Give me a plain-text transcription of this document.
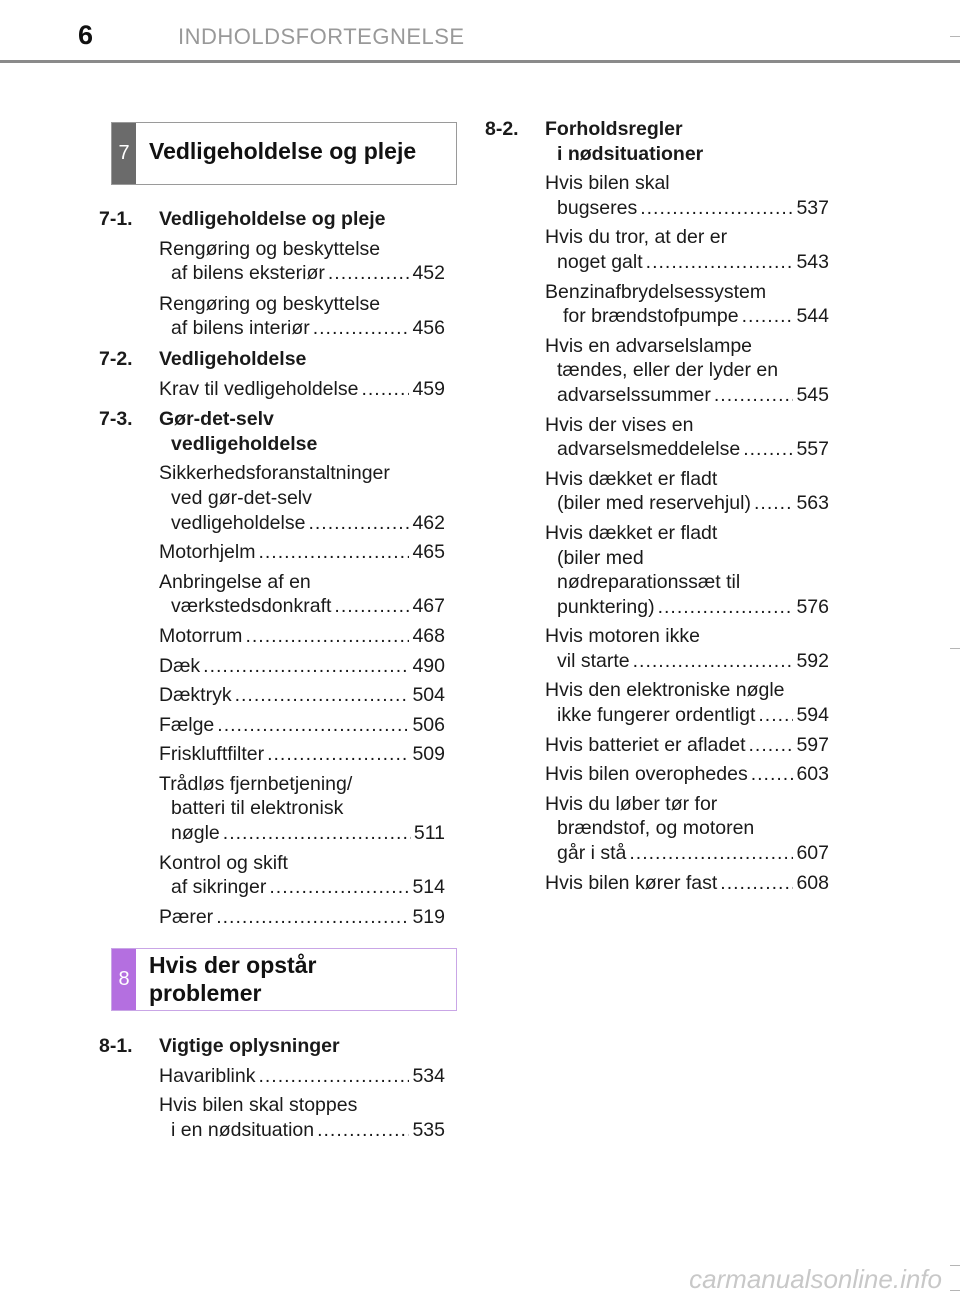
6	INDHOLDSFORTEGNELSE
7 Vedligeholdelse og pleje
8
Hvis der opstår problemer
7-1.	Vedligeholdelse og pleje
Rengøring og beskyttelse
af bilens eksteriør .....	452
Rengøring og beskyttelse
af bilens interiør .....	456
7-2.	Vedligeholdelse
Krav til vedligeholdelse .....	459
7-3.	Gør-det-selv
vedligeholdelse
Sikkerhedsforanstaltninger
ved gør-det-selv
vedligeholdelse .....	462
Motorhjelm .....	465
Anbringelse af en
værkstedsdonkraft .....	467
Motorrum .....	468
Dæk .....	490
Dæktryk .....	504
Fælge .....	506
Friskluftfilter .....	509
Trådløs fjernbetjening/
batteri til elektronisk
nøgle .....	511
Kontrol og skift
af sikringer .....	514
Pærer .....	519
8-1.	Vigtige oplysninger
Havariblink .....	534
Hvis bilen skal stoppes
i en nødsituation .....	535
8-2.	Forholdsregler
i nødsituationer
Hvis bilen skal
bugseres .....	537
Hvis du tror, at der er
noget galt .....	543
Benzinafbrydelsessystem
for brændstofpumpe .....	544
Hvis en advarselslampe
tændes, eller der lyder en
advarselssummer .....	545
Hvis der vises en
advarselsmeddelelse .....	557
Hvis dækket er fladt
(biler med reservehjul) ..... 563
Hvis dækket er fladt
(biler med
nødreparationssæt til
punktering) .....	576
Hvis motoren ikke
vil starte .....	592
Hvis den elektroniske nøgle
ikke fungerer ordentligt ..... 594
Hvis batteriet er afladet .....	597
Hvis bilen overophedes .....	603
Hvis du løber tør for
brændstof, og motoren
går i stå .....	607
Hvis bilen kører fast .....	608
carmanualsonline.info
